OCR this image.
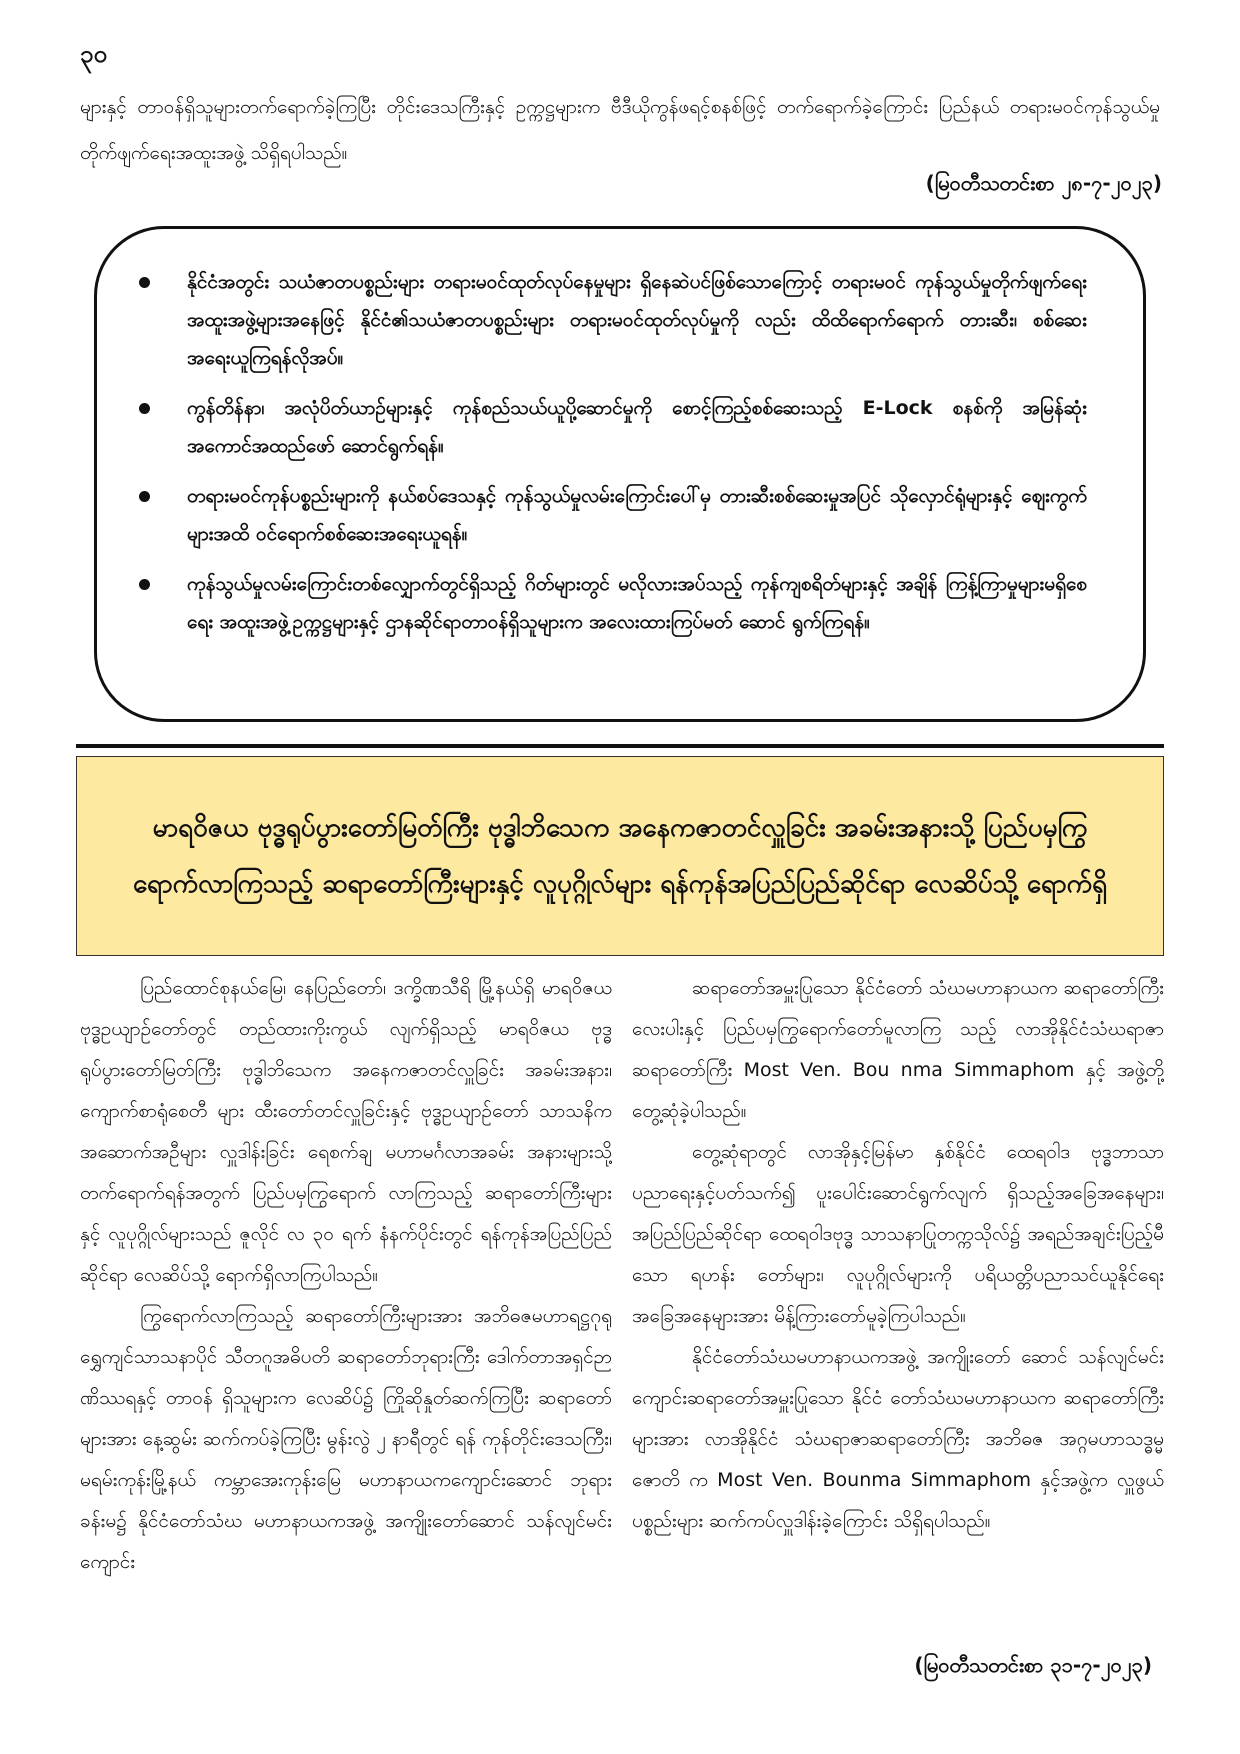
၃၀
များနှင့် တာဝန်ရှိသူများတက်ရောက်ခဲ့ကြပြီး တိုင်းဒေသကြီးနှင့် ဥက္ကဋ္ဌများက ဗီဒီယိုကွန်ဖရင့်စနစ်ဖြင့် တက်ရောက်ခဲ့ကြောင်း ပြည်နယ် တရားမဝင်ကုန်သွယ်မှု တိုက်ဖျက်ရေးအထူးအဖွဲ့ သိရှိရပါသည်။
(မြဝတီသတင်းစာ ၂၈-၇-၂၀၂၃)
နိုင်ငံအတွင်း သယံဇာတပစ္စည်းများ တရားမဝင်ထုတ်လုပ်နေမှုများ ရှိနေဆဲပင်ဖြစ်သောကြောင့် တရားမဝင် ကုန်သွယ်မှုတိုက်ဖျက်ရေး အထူးအဖွဲ့များအနေဖြင့် နိုင်ငံ၏သယံဇာတပစ္စည်းများ တရားမဝင်ထုတ်လုပ်မှုကို လည်း ထိထိရောက်ရောက် တားဆီး၊ စစ်ဆေးအရေးယူကြရန်လိုအပ်။
ကွန်တိန်နာ၊ အလုံပိတ်ယာဉ်များနှင့် ကုန်စည်သယ်ယူပို့ဆောင်မှုကို စောင့်ကြည့်စစ်ဆေးသည့် E-Lock စနစ်ကို အမြန်ဆုံး အကောင်အထည်ဖော် ဆောင်ရွက်ရန်။
တရားမဝင်ကုန်ပစ္စည်းများကို နယ်စပ်ဒေသနှင့် ကုန်သွယ်မှုလမ်းကြောင်းပေါ်မှ တားဆီးစစ်ဆေးမှုအပြင် သိုလှောင်ရုံများနှင့် ဈေးကွက်များအထိ ဝင်ရောက်စစ်ဆေးအရေးယူရန်။
ကုန်သွယ်မှုလမ်းကြောင်းတစ်လျှောက်တွင်ရှိသည့် ဂိတ်များတွင် မလိုလားအပ်သည့် ကုန်ကျစရိတ်များနှင့် အချိန် ကြန့်ကြာမှုများမရှိစေရေး အထူးအဖွဲ့ဥက္ကဋ္ဌများနှင့် ဌာနဆိုင်ရာတာဝန်ရှိသူများက အလေးထားကြပ်မတ် ဆောင် ရွက်ကြရန်။
မာရဝိဇယ ဗုဒ္ဓရုပ်ပွားတော်မြတ်ကြီး ဗုဒ္ဓါဘိသေက အနေကဇာတင်လှူခြင်း အခမ်းအနားသို့ ပြည်ပမှကြွရောက်လာကြသည့် ဆရာတော်ကြီးများနှင့် လူပုဂ္ဂိုလ်များ ရန်ကုန်အပြည်ပြည်ဆိုင်ရာ လေဆိပ်သို့ ရောက်ရှိ

ပြည်ထောင်စုနယ်မြေ၊ နေပြည်တော်၊ ဒက္ခိဏသီရိ မြို့နယ်ရှိ မာရဝိဇယ ဗုဒ္ဓဥယျာဉ်တော်တွင် တည်ထားကိုးကွယ် လျက်ရှိသည့် မာရဝိဇယ ဗုဒ္ဓရုပ်ပွားတော်မြတ်ကြီး ဗုဒ္ဓါဘိသေက အနေကဇာတင်လှူခြင်း အခမ်းအနား၊ ကျောက်စာရုံစေတီ များ ထီးတော်တင်လှူခြင်းနှင့် ဗုဒ္ဓဥယျာဉ်တော် သာသနိက အဆောက်အဦများ လှူဒါန်းခြင်း ရေစက်ချ မဟာမင်္ဂလာအခမ်း အနားများသို့ တက်ရောက်ရန်အတွက် ပြည်ပမှကြွရောက် လာကြသည့် ဆရာတော်ကြီးများနှင့် လူပုဂ္ဂိုလ်များသည် ဇူလိုင် လ ၃၀ ရက် နံနက်ပိုင်းတွင် ရန်ကုန်အပြည်ပြည်ဆိုင်ရာ လေဆိပ်သို့ ရောက်ရှိလာကြပါသည်။

ကြွရောက်လာကြသည့် ဆရာတော်ကြီးများအား အဘိဓဇမဟာရဋ္ဌဂုရု ရွှေကျင်သာသနာပိုင် သီတဂူအဓိပတိ ဆရာတော်ဘုရားကြီး ဒေါက်တာအရှင်ဉာဏိဿရနှင့် တာဝန် ရှိသူများက လေဆိပ်၌ ကြိုဆိုနှုတ်ဆက်ကြပြီး ဆရာတော် များအား နေ့ဆွမ်း ဆက်ကပ်ခဲ့ကြပြီး မွန်းလွဲ ၂ နာရီတွင် ရန် ကုန်တိုင်းဒေသကြီး၊ မရမ်းကုန်းမြို့နယ် ကမ္ဘာအေးကုန်းမြေ မဟာနာယကကျောင်းဆောင် ဘုရားခန်းမ၌ နိုင်ငံတော်သံဃ မဟာနာယကအဖွဲ့ အကျိုးတော်ဆောင် သန်လျင်မင်းကျောင်း

ဆရာတော်အမှူးပြုသော နိုင်ငံတော် သံဃမဟာနာယက ဆရာတော်ကြီးလေးပါးနှင့် ပြည်ပမှကြွရောက်တော်မူလာကြ သည့် လာအိုနိုင်ငံသံဃရာဇာဆရာတော်ကြီး Most Ven. Bou nma Simmaphom နှင့် အဖွဲ့တို့တွေ့ဆုံခဲ့ပါသည်။

တွေ့ဆုံရာတွင် လာအိုနှင့်မြန်မာ နှစ်နိုင်ငံ ထေရဝါဒ ဗုဒ္ဓဘာသာပညာရေးနှင့်ပတ်သက်၍ ပူးပေါင်းဆောင်ရွက်လျက် ရှိသည့်အခြေအနေများ၊ အပြည်ပြည်ဆိုင်ရာ ထေရဝါဒဗုဒ္ဓ သာသနာပြုတက္ကသိုလ်၌ အရည်အချင်းပြည့်မီသော ရဟန်း တော်များ၊ လူပုဂ္ဂိုလ်များကို ပရိယတ္တိပညာသင်ယူနိုင်ရေး အခြေအနေများအား မိန့်ကြားတော်မူခဲ့ကြပါသည်။

နိုင်ငံတော်သံဃမဟာနာယကအဖွဲ့ အကျိုးတော် ဆောင် သန်လျင်မင်းကျောင်းဆရာတော်အမှူးပြုသော နိုင်ငံ တော်သံဃမဟာနာယက ဆရာတော်ကြီးများအား လာအိုနိုင်ငံ သံဃရာဇာဆရာတော်ကြီး အဘိဓဇ အဂ္ဂမဟာသဒ္ဓမ္မဇောတိ က Most Ven. Bounma Simmaphom နှင့်အဖွဲ့က လှူဖွယ် ပစ္စည်းများ ဆက်ကပ်လှူဒါန်းခဲ့ကြောင်း သိရှိရပါသည်။

(မြဝတီသတင်းစာ ၃၁-၇-၂၀၂၃)
